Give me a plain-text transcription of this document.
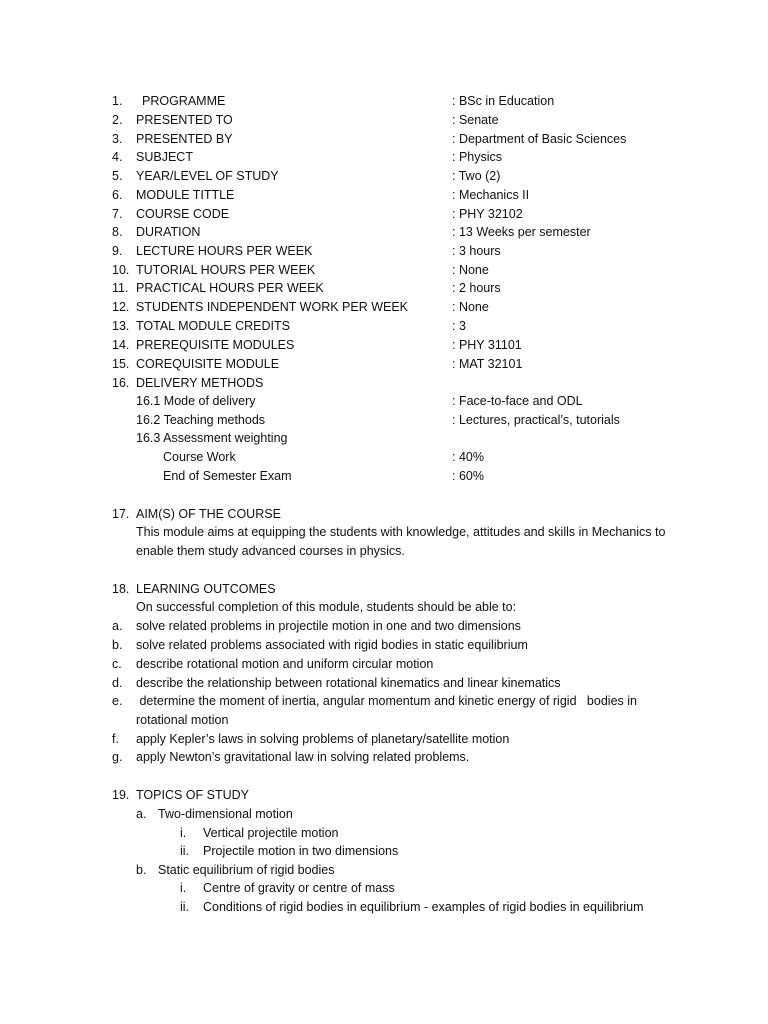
1. PROGRAMME	: BSc in Education
2. PRESENTED TO	: Senate
3. PRESENTED BY	: Department of Basic Sciences
4. SUBJECT	: Physics
5. YEAR/LEVEL OF STUDY	: Two (2)
6. MODULE TITTLE	: Mechanics II
7. COURSE CODE	: PHY 32102
8. DURATION	: 13 Weeks per semester
9. LECTURE HOURS PER WEEK	: 3 hours
10. TUTORIAL HOURS PER WEEK	: None
11. PRACTICAL HOURS PER WEEK	: 2 hours
12. STUDENTS INDEPENDENT WORK PER WEEK	: None
13. TOTAL MODULE CREDITS	: 3
14. PREREQUISITE MODULES	: PHY 31101
15. COREQUISITE MODULE	: MAT 32101
16. DELIVERY METHODS
16.1 Mode of delivery	: Face-to-face and ODL
16.2 Teaching methods	: Lectures, practical’s, tutorials
16.3 Assessment weighting
Course Work	: 40%
End of Semester Exam	: 60%
17. AIM(S) OF THE COURSE
This module aims at equipping the students with knowledge, attitudes and skills in Mechanics to enable them study advanced courses in physics.
18. LEARNING OUTCOMES
On successful completion of this module, students should be able to:
a. solve related problems in projectile motion in one and two dimensions
b. solve related problems associated with rigid bodies in static equilibrium
c. describe rotational motion and uniform circular motion
d. describe the relationship between rotational kinematics and linear kinematics
e. determine the moment of inertia, angular momentum and kinetic energy of rigid   bodies in rotational motion
f. apply Kepler’s laws in solving problems of planetary/satellite motion
g. apply Newton’s gravitational law in solving related problems.
19. TOPICS OF STUDY
a. Two-dimensional motion
i. Vertical projectile motion
ii. Projectile motion in two dimensions
b. Static equilibrium of rigid bodies
i. Centre of gravity or centre of mass
ii. Conditions of rigid bodies in equilibrium - examples of rigid bodies in equilibrium
